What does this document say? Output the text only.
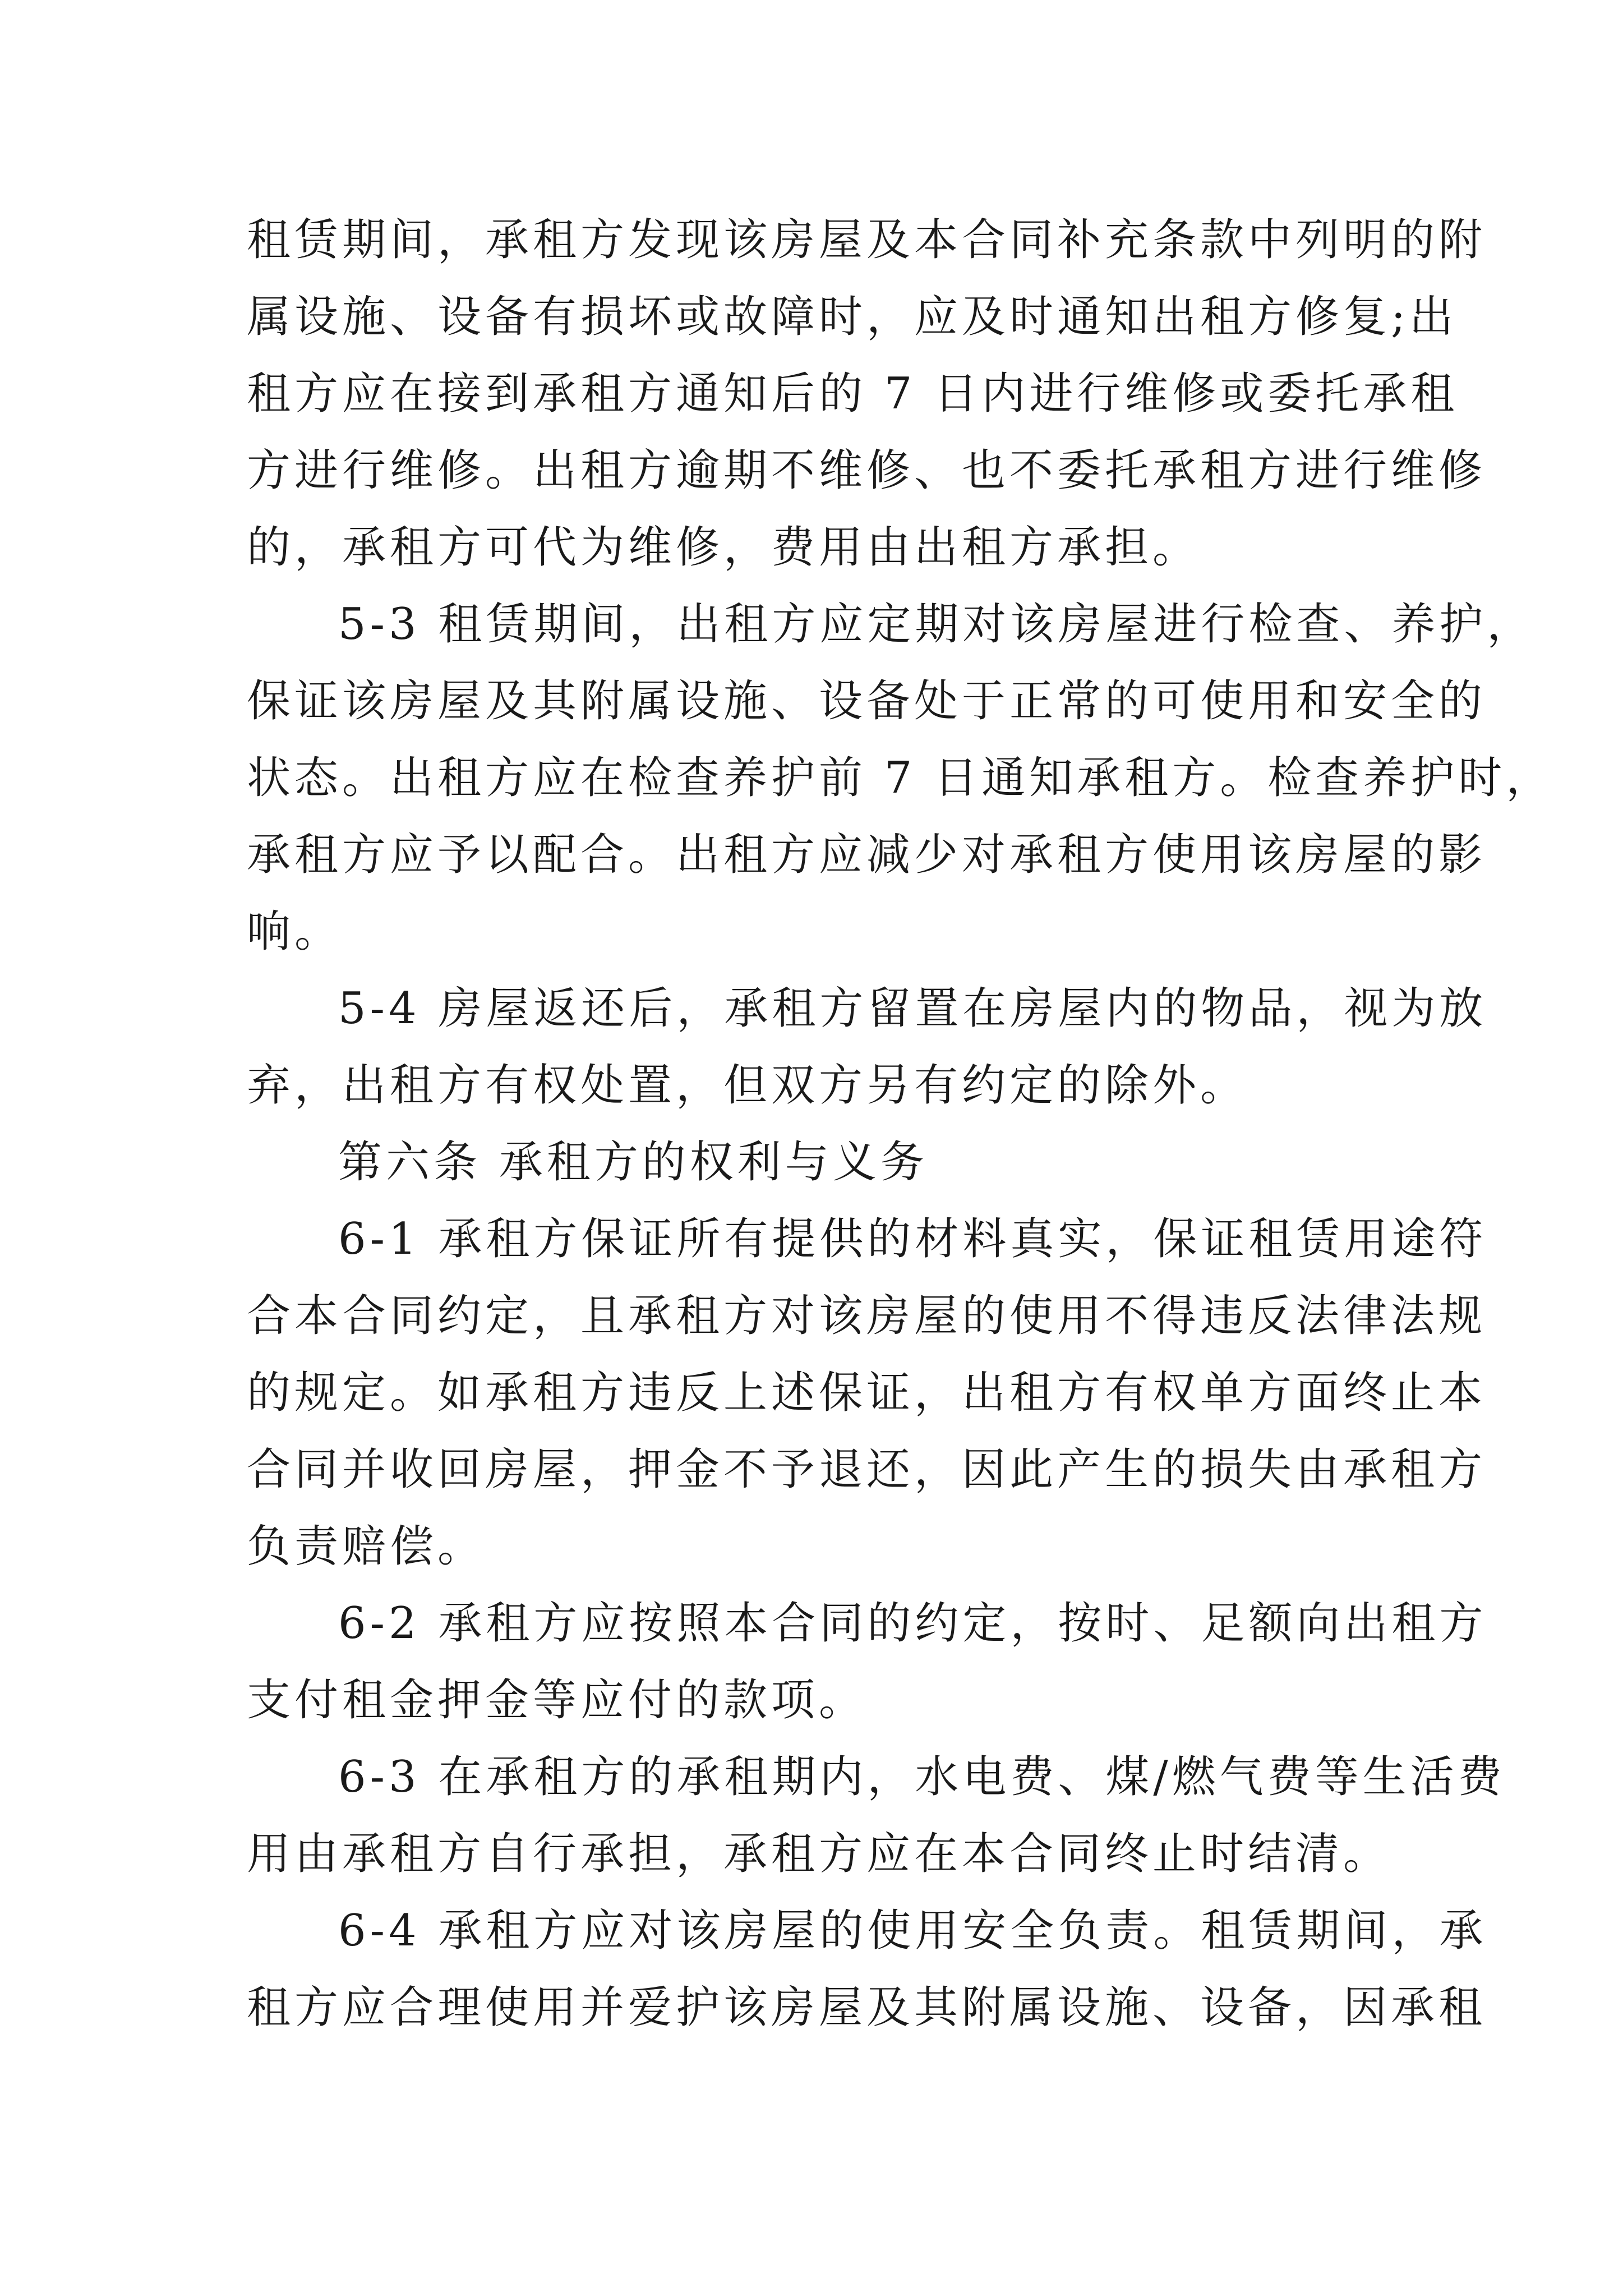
租赁期间，承租方发现该房屋及本合同补充条款中列明的附
属设施、设备有损坏或故障时，应及时通知出租方修复;出
租方应在接到承租方通知后的 7 日内进行维修或委托承租
方进行维修。出租方逾期不维修、也不委托承租方进行维修
的，承租方可代为维修，费用由出租方承担。
5-3 租赁期间，出租方应定期对该房屋进行检查、养护，
保证该房屋及其附属设施、设备处于正常的可使用和安全的
状态。出租方应在检查养护前 7 日通知承租方。检查养护时，
承租方应予以配合。出租方应减少对承租方使用该房屋的影
响。
5-4 房屋返还后，承租方留置在房屋内的物品，视为放
弃，出租方有权处置，但双方另有约定的除外。
第六条 承租方的权利与义务
6-1 承租方保证所有提供的材料真实，保证租赁用途符
合本合同约定，且承租方对该房屋的使用不得违反法律法规
的规定。如承租方违反上述保证，出租方有权单方面终止本
合同并收回房屋，押金不予退还，因此产生的损失由承租方
负责赔偿。
6-2 承租方应按照本合同的约定，按时、足额向出租方
支付租金押金等应付的款项。
6-3 在承租方的承租期内，水电费、煤/燃气费等生活费
用由承租方自行承担，承租方应在本合同终止时结清。
6-4 承租方应对该房屋的使用安全负责。租赁期间，承
租方应合理使用并爱护该房屋及其附属设施、设备，因承租
